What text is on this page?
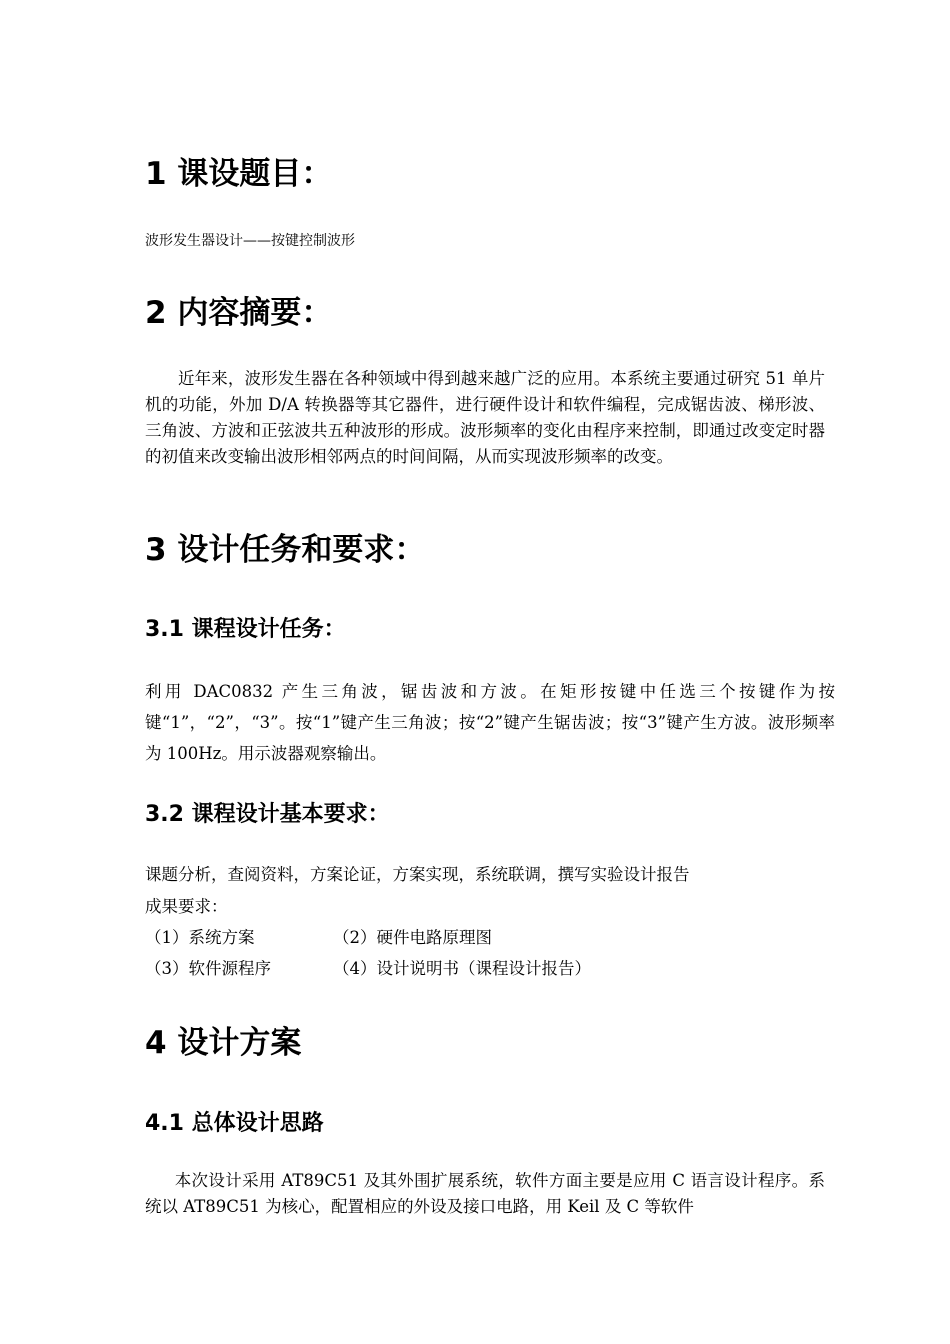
1 课设题目：

波形发生器设计——按键控制波形

2 内容摘要：

近年来，波形发生器在各种领域中得到越来越广泛的应用。本系统主要通过研究 51 单片机的功能，外加 D/A 转换器等其它器件，进行硬件设计和软件编程，完成锯齿波、梯形波、三角波、方波和正弦波共五种波形的形成。波形频率的变化由程序来控制，即通过改变定时器的初值来改变输出波形相邻两点的时间间隔，从而实现波形频率的改变。

3 设计任务和要求：
3.1 课程设计任务：

利用 DAC0832 产生三角波，锯齿波和方波。在矩形按键中任选三个按键作为按键“1”，“2”，“3”。按“1”键产生三角波；按“2”键产生锯齿波；按“3”键产生方波。波形频率为 100Hz。用示波器观察输出。

3.2 课程设计基本要求：

课题分析，查阅资料，方案论证，方案实现，系统联调，撰写实验设计报告

成果要求：

（1）系统方案	（2）硬件电路原理图

（3）软件源程序	（4）设计说明书（课程设计报告）

4 设计方案
4.1 总体设计思路

本次设计采用 AT89C51 及其外围扩展系统，软件方面主要是应用 C 语言设计程序。系统以 AT89C51 为核心，配置相应的外设及接口电路，用 Keil 及 C 等软件
